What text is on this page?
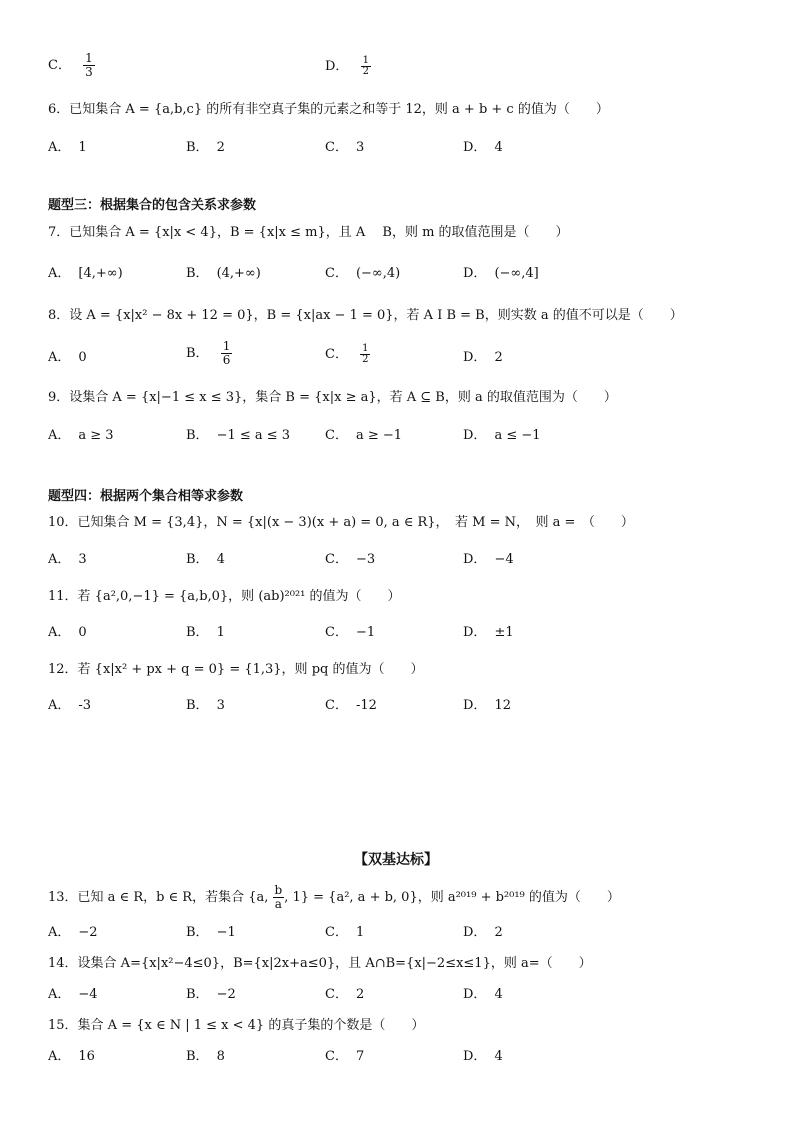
C． $\frac{1}{3}$	D． $\frac{1}{2}$
6．已知集合 A = {a,b,c} 的所有非空真子集的元素之和等于 12，则 a + b + c 的值为（　　）
A． 1	B． 2	C． 3	D． 4
题型三：根据集合的包含关系求参数
7．已知集合 A = {x|x < 4}，B = {x|x ≤ m}，且 A　 B，则 m 的取值范围是（　　）
A． [4,+∞)	B． (4,+∞)	C． (−∞,4)	D． (−∞,4]
8．设 A = {x|x² − 8x + 12 = 0}，B = {x|ax − 1 = 0}，若 A I B = B，则实数 a 的值不可以是（　　）
A． 0	B． $\frac{1}{6}$	C． $\frac{1}{2}$	D． 2
9．设集合 A = {x|−1 ≤ x ≤ 3}，集合 B = {x|x ≥ a}，若 A ⊆ B，则 a 的取值范围为（　　）
A． a ≥ 3	B． −1 ≤ a ≤ 3	C． a ≥ −1	D． a ≤ −1
题型四：根据两个集合相等求参数
10．已知集合 M = {3,4}，N = {x|(x − 3)(x + a) = 0, a ∈ R}，　若 M = N，　则 a =　（　　）
A． 3	B． 4	C． −3	D． −4
11．若 {a²,0,−1} = {a,b,0}，则 (ab)²⁰²¹ 的值为（　　）
A． 0	B． 1	C． −1	D． ±1
12．若 {x|x² + px + q = 0} = {1,3}，则 pq 的值为（　　）
A． -3	B． 3	C． -12	D． 12
【双基达标】
13．已知 a ∈ R，b ∈ R，若集合 {a, $\frac{b}{a}$ , 1} = {a², a + b, 0}，则 a²⁰¹⁹ + b²⁰¹⁹ 的值为（　　）
A． −2	B． −1	C． 1	D． 2
14．设集合 A={x|x²−4≤0}，B={x|2x+a≤0}，且 A∩B={x|−2≤x≤1}，则 a=（　　）
A． −4	B． −2	C． 2	D． 4
15．集合 A = {x ∈ N | 1 ≤ x < 4} 的真子集的个数是（　　）
A． 16	B． 8	C． 7	D． 4
